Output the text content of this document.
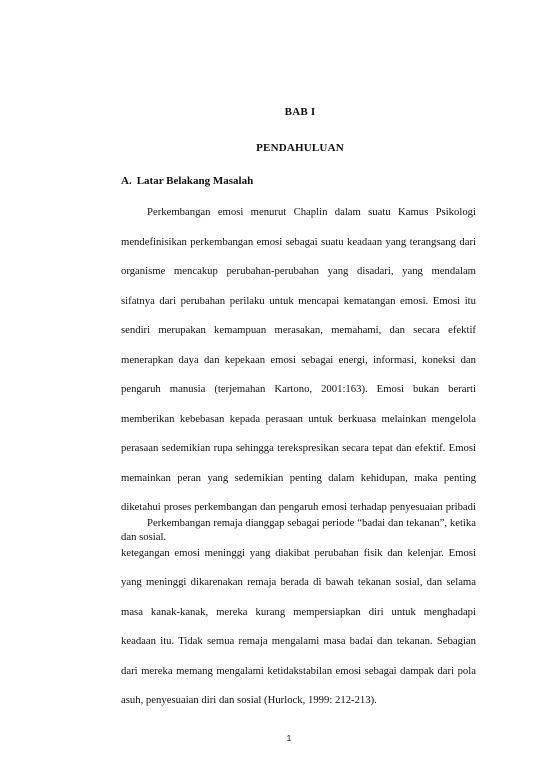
BAB I
PENDAHULUAN
A. Latar Belakang Masalah

Perkembangan emosi menurut Chaplin dalam suatu Kamus Psikologi mendefinisikan perkembangan emosi sebagai suatu keadaan yang terangsang dari organisme mencakup perubahan-perubahan yang disadari, yang mendalam sifatnya dari perubahan perilaku untuk mencapai kematangan emosi. Emosi itu sendiri merupakan kemampuan merasakan, memahami, dan secara efektif menerapkan daya dan kepekaan emosi sebagai energi, informasi, koneksi dan pengaruh manusia (terjemahan Kartono, 2001:163). Emosi bukan berarti memberikan kebebasan kepada perasaan untuk berkuasa melainkan mengelola perasaan sedemikian rupa sehingga terekspresikan secara tepat dan efektif. Emosi memainkan peran yang sedemikian penting dalam kehidupan, maka penting diketahui proses perkembangan dan pengaruh emosi terhadap penyesuaian pribadi dan sosial.

Perkembangan remaja dianggap sebagai periode “badai dan tekanan”, ketika ketegangan emosi meninggi yang diakibat perubahan fisik dan kelenjar. Emosi yang meninggi dikarenakan remaja berada di bawah tekanan sosial, dan selama masa kanak-kanak, mereka kurang mempersiapkan diri untuk menghadapi keadaan itu. Tidak semua remaja mengalami masa badai dan tekanan. Sebagian dari mereka memang mengalami ketidakstabilan emosi sebagai dampak dari pola asuh, penyesuaian diri dan sosial (Hurlock, 1999: 212-213).

1
